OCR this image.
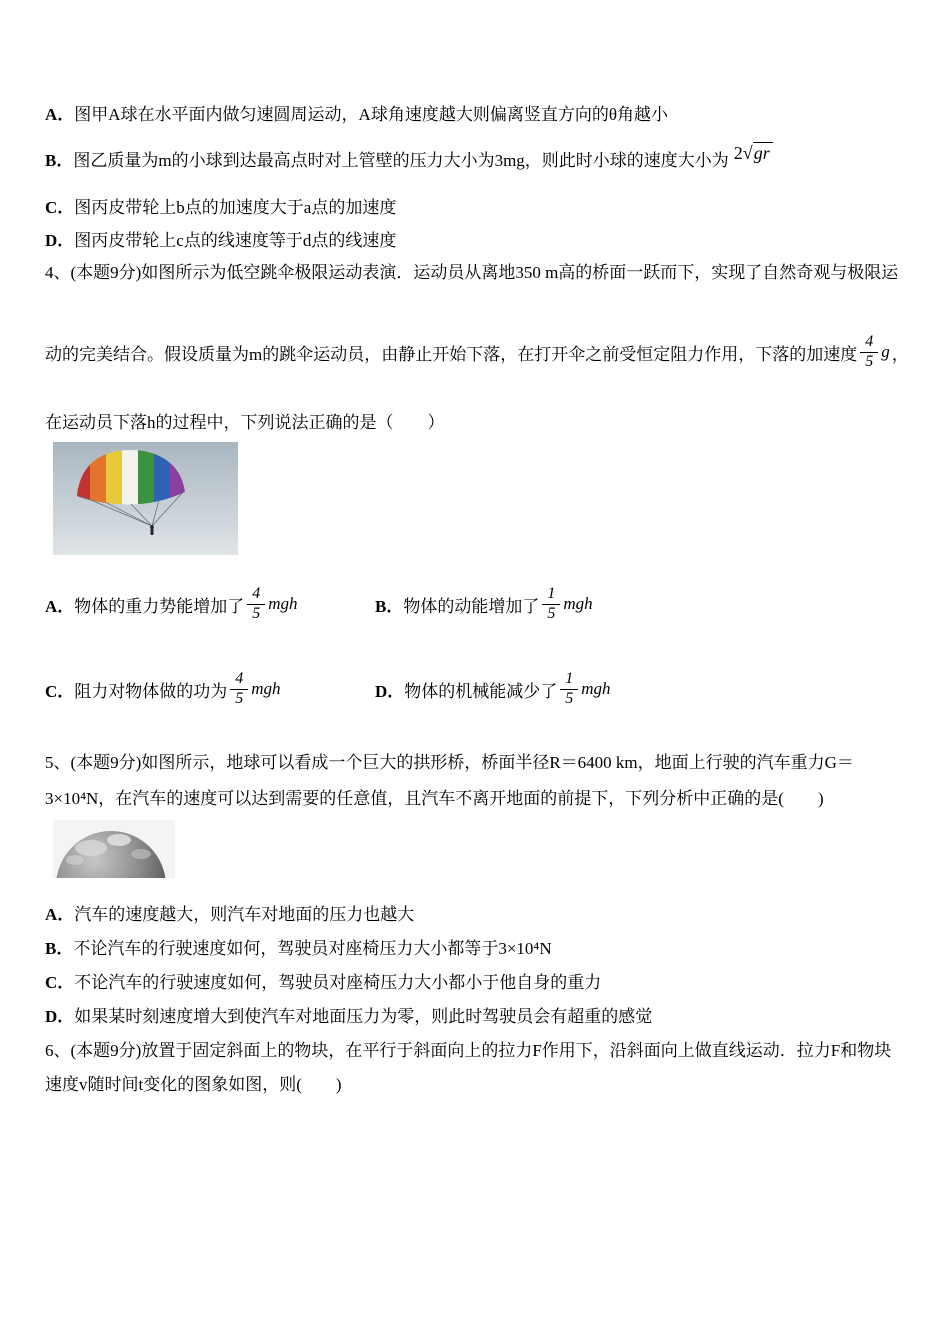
A．图甲A球在水平面内做匀速圆周运动，A球角速度越大则偏离竖直方向的θ角越小
B．图乙质量为m的小球到达最高点时对上管壁的压力大小为3mg，则此时小球的速度大小为 2√gr
C．图丙皮带轮上b点的加速度大于a点的加速度
D．图丙皮带轮上c点的线速度等于d点的线速度
4、(本题9分)如图所示为低空跳伞极限运动表演．运动员从离地350 m高的桥面一跃而下，实现了自然奇观与极限运
动的完美结合。假设质量为m的跳伞运动员，由静止开始下落，在打开伞之前受恒定阻力作用，下落的加速度 $\frac{4}{5}$ g ，
在运动员下落h的过程中，下列说法正确的是（　　）
A． 物体的重力势能增加了 $\frac{4}{5}$ mgh	B． 物体的动能增加了 $\frac{1}{5}$ mgh
C． 阻力对物体做的功为 $\frac{4}{5}$ mgh	D． 物体的机械能减少了 $\frac{1}{5}$ mgh
5、(本题9分)如图所示，地球可以看成一个巨大的拱形桥，桥面半径R＝6400 km，地面上行驶的汽车重力G＝
3×10⁴N，在汽车的速度可以达到需要的任意值，且汽车不离开地面的前提下，下列分析中正确的是(　　)
A．汽车的速度越大，则汽车对地面的压力也越大
B．不论汽车的行驶速度如何，驾驶员对座椅压力大小都等于3×10⁴N
C．不论汽车的行驶速度如何，驾驶员对座椅压力大小都小于他自身的重力
D．如果某时刻速度增大到使汽车对地面压力为零，则此时驾驶员会有超重的感觉
6、(本题9分)放置于固定斜面上的物块，在平行于斜面向上的拉力F作用下，沿斜面向上做直线运动．拉力F和物块
速度v随时间t变化的图象如图，则(　　)
